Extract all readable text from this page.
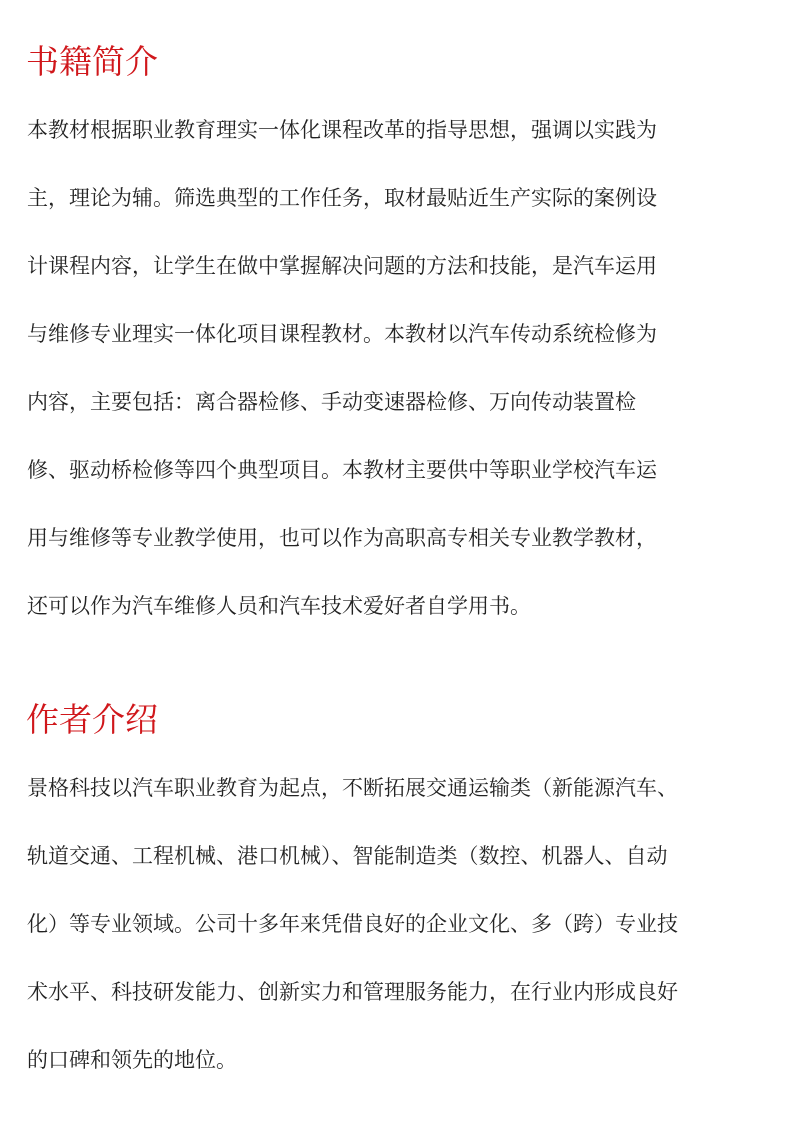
书籍简介
本教材根据职业教育理实一体化课程改革的指导思想，强调以实践为
主，理论为辅。筛选典型的工作任务，取材最贴近生产实际的案例设
计课程内容，让学生在做中掌握解决问题的方法和技能，是汽车运用
与维修专业理实一体化项目课程教材。本教材以汽车传动系统检修为
内容，主要包括：离合器检修、手动变速器检修、万向传动装置检
修、驱动桥检修等四个典型项目。本教材主要供中等职业学校汽车运
用与维修等专业教学使用，也可以作为高职高专相关专业教学教材，
还可以作为汽车维修人员和汽车技术爱好者自学用书。
作者介绍
景格科技以汽车职业教育为起点，不断拓展交通运输类（新能源汽车、
轨道交通、工程机械、港口机械）、智能制造类（数控、机器人、自动
化）等专业领域。公司十多年来凭借良好的企业文化、多（跨）专业技
术水平、科技研发能力、创新实力和管理服务能力，在行业内形成良好
的口碑和领先的地位。
